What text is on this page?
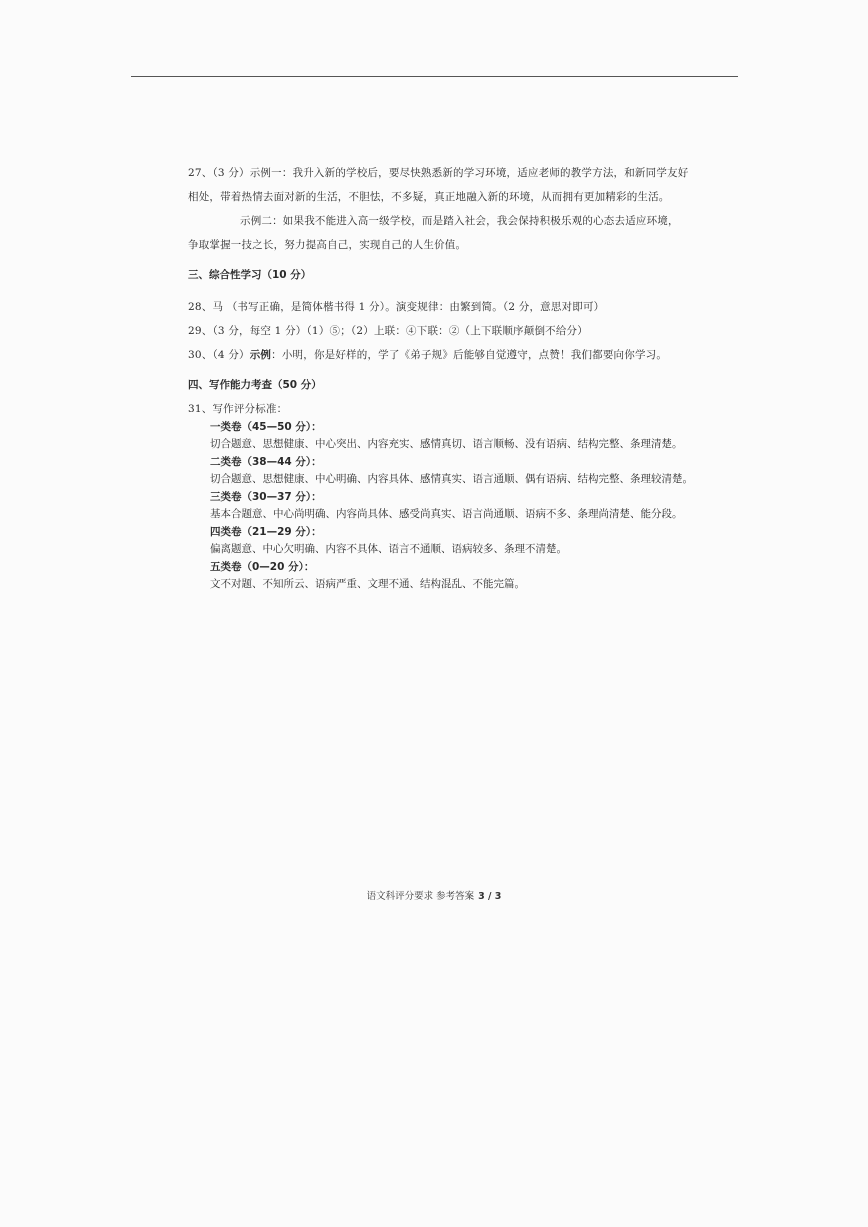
27、（3 分）示例一：我升入新的学校后，要尽快熟悉新的学习环境，适应老师的教学方法，和新同学友好
相处，带着热情去面对新的生活，不胆怯，不多疑，真正地融入新的环境，从而拥有更加精彩的生活。
示例二：如果我不能进入高一级学校，而是踏入社会，我会保持积极乐观的心态去适应环境，
争取掌握一技之长，努力提高自己，实现自己的人生价值。
三、综合性学习（10 分）
28、马 （书写正确，是简体楷书得 1 分）。演变规律：由繁到简。（2 分，意思对即可）
29、（3 分，每空 1 分）（1）⑤；（2）上联：④下联：②（上下联顺序颠倒不给分）
30、（4 分）示例：小明，你是好样的，学了《弟子规》后能够自觉遵守，点赞！我们都要向你学习。
四、写作能力考查（50 分）
31、写作评分标准：
一类卷（45—50 分）：
切合题意、思想健康、中心突出、内容充实、感情真切、语言顺畅、没有语病、结构完整、条理清楚。
二类卷（38—44 分）：
切合题意、思想健康、中心明确、内容具体、感情真实、语言通顺、偶有语病、结构完整、条理较清楚。
三类卷（30—37 分）：
基本合题意、中心尚明确、内容尚具体、感受尚真实、语言尚通顺、语病不多、条理尚清楚、能分段。
四类卷（21—29 分）：
偏离题意、中心欠明确、内容不具体、语言不通顺、语病较多、条理不清楚。
五类卷（0—20 分）：
文不对题、不知所云、语病严重、文理不通、结构混乱、不能完篇。
语文科评分要求 参考答案 3 / 3
